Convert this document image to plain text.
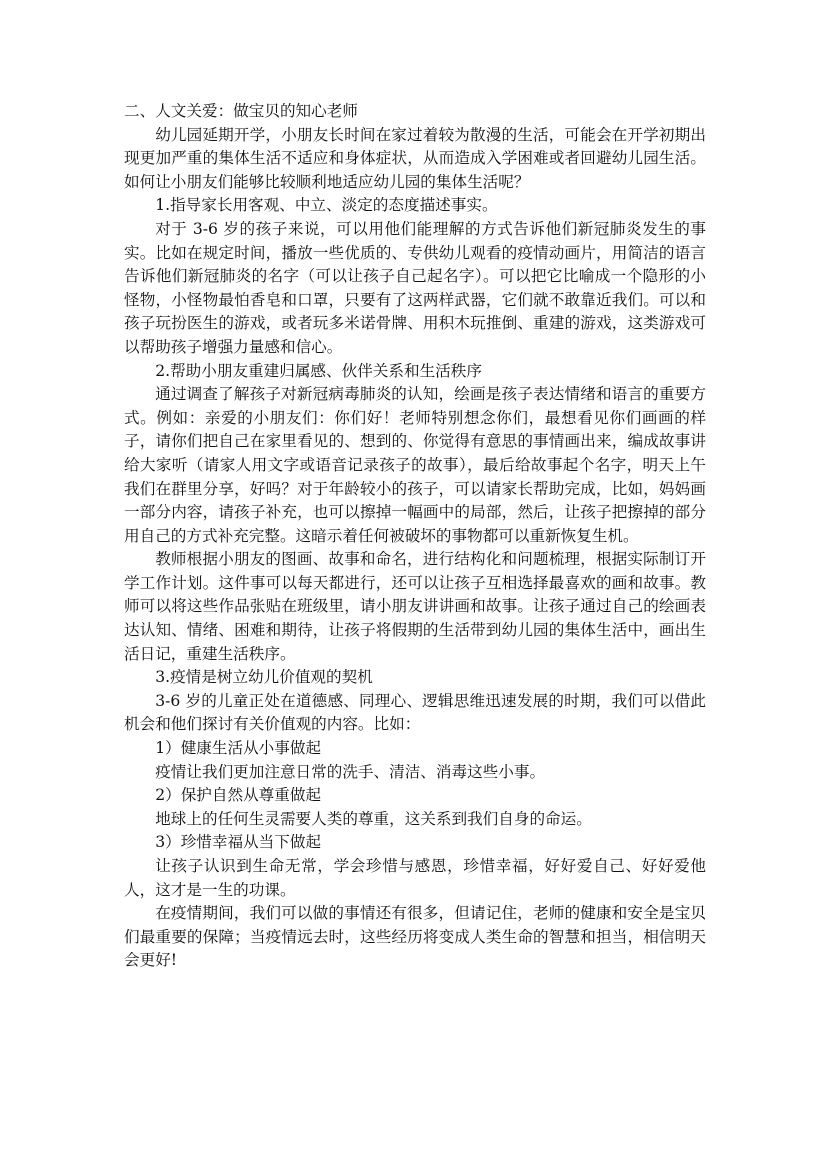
二、人文关爱：做宝贝的知心老师

幼儿园延期开学，小朋友长时间在家过着较为散漫的生活，可能会在开学初期出现更加严重的集体生活不适应和身体症状，从而造成入学困难或者回避幼儿园生活。如何让小朋友们能够比较顺利地适应幼儿园的集体生活呢？

1.指导家长用客观、中立、淡定的态度描述事实。

对于 3-6 岁的孩子来说，可以用他们能理解的方式告诉他们新冠肺炎发生的事实。比如在规定时间，播放一些优质的、专供幼儿观看的疫情动画片，用简洁的语言告诉他们新冠肺炎的名字（可以让孩子自己起名字）。可以把它比喻成一个隐形的小怪物，小怪物最怕香皂和口罩，只要有了这两样武器，它们就不敢靠近我们。可以和孩子玩扮医生的游戏，或者玩多米诺骨牌、用积木玩推倒、重建的游戏，这类游戏可以帮助孩子增强力量感和信心。

2.帮助小朋友重建归属感、伙伴关系和生活秩序

通过调查了解孩子对新冠病毒肺炎的认知，绘画是孩子表达情绪和语言的重要方式。例如：亲爱的小朋友们：你们好！老师特别想念你们，最想看见你们画画的样子，请你们把自己在家里看见的、想到的、你觉得有意思的事情画出来，编成故事讲给大家听（请家人用文字或语音记录孩子的故事），最后给故事起个名字，明天上午我们在群里分享，好吗？对于年龄较小的孩子，可以请家长帮助完成，比如，妈妈画一部分内容，请孩子补充，也可以擦掉一幅画中的局部，然后，让孩子把擦掉的部分用自己的方式补充完整。这暗示着任何被破坏的事物都可以重新恢复生机。

教师根据小朋友的图画、故事和命名，进行结构化和问题梳理，根据实际制订开学工作计划。这件事可以每天都进行，还可以让孩子互相选择最喜欢的画和故事。教师可以将这些作品张贴在班级里，请小朋友讲讲画和故事。让孩子通过自己的绘画表达认知、情绪、困难和期待，让孩子将假期的生活带到幼儿园的集体生活中，画出生活日记，重建生活秩序。

3.疫情是树立幼儿价值观的契机

3-6 岁的儿童正处在道德感、同理心、逻辑思维迅速发展的时期，我们可以借此机会和他们探讨有关价值观的内容。比如：

1）健康生活从小事做起

疫情让我们更加注意日常的洗手、清洁、消毒这些小事。

2）保护自然从尊重做起

地球上的任何生灵需要人类的尊重，这关系到我们自身的命运。

3）珍惜幸福从当下做起

让孩子认识到生命无常，学会珍惜与感恩，珍惜幸福，好好爱自己、好好爱他人，这才是一生的功课。

在疫情期间，我们可以做的事情还有很多，但请记住，老师的健康和安全是宝贝们最重要的保障；当疫情远去时，这些经历将变成人类生命的智慧和担当，相信明天会更好!
